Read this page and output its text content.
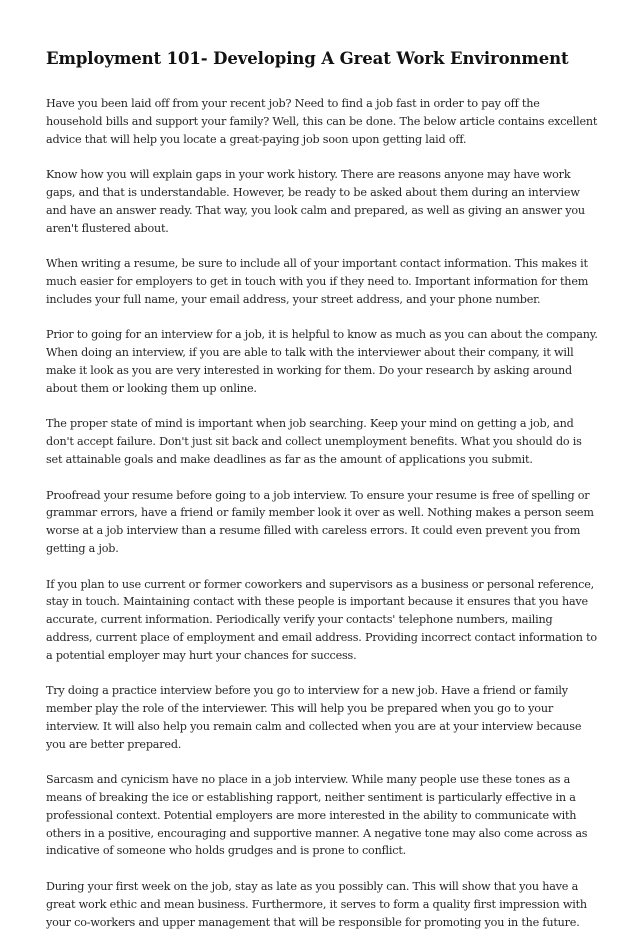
Employment 101- Developing A Great Work Environment

Have you been laid off from your recent job? Need to find a job fast in order to pay off the household bills and support your family? Well, this can be done. The below article contains excellent advice that will help you locate a great-paying job soon upon getting laid off.

Know how you will explain gaps in your work history. There are reasons anyone may have work gaps, and that is understandable. However, be ready to be asked about them during an interview and have an answer ready. That way, you look calm and prepared, as well as giving an answer you aren't flustered about.

When writing a resume, be sure to include all of your important contact information. This makes it much easier for employers to get in touch with you if they need to. Important information for them includes your full name, your email address, your street address, and your phone number.

Prior to going for an interview for a job, it is helpful to know as much as you can about the company. When doing an interview, if you are able to talk with the interviewer about their company, it will make it look as you are very interested in working for them. Do your research by asking around about them or looking them up online.

The proper state of mind is important when job searching. Keep your mind on getting a job, and don't accept failure. Don't just sit back and collect unemployment benefits. What you should do is set attainable goals and make deadlines as far as the amount of applications you submit.

Proofread your resume before going to a job interview. To ensure your resume is free of spelling or grammar errors, have a friend or family member look it over as well. Nothing makes a person seem worse at a job interview than a resume filled with careless errors. It could even prevent you from getting a job.

If you plan to use current or former coworkers and supervisors as a business or personal reference, stay in touch. Maintaining contact with these people is important because it ensures that you have accurate, current information. Periodically verify your contacts' telephone numbers, mailing address, current place of employment and email address. Providing incorrect contact information to a potential employer may hurt your chances for success.

Try doing a practice interview before you go to interview for a new job. Have a friend or family member play the role of the interviewer. This will help you be prepared when you go to your interview. It will also help you remain calm and collected when you are at your interview because you are better prepared.

Sarcasm and cynicism have no place in a job interview. While many people use these tones as a means of breaking the ice or establishing rapport, neither sentiment is particularly effective in a professional context. Potential employers are more interested in the ability to communicate with others in a positive, encouraging and supportive manner. A negative tone may also come across as indicative of someone who holds grudges and is prone to conflict.

During your first week on the job, stay as late as you possibly can. This will show that you have a great work ethic and mean business. Furthermore, it serves to form a quality first impression with your co-workers and upper management that will be responsible for promoting you in the future.
